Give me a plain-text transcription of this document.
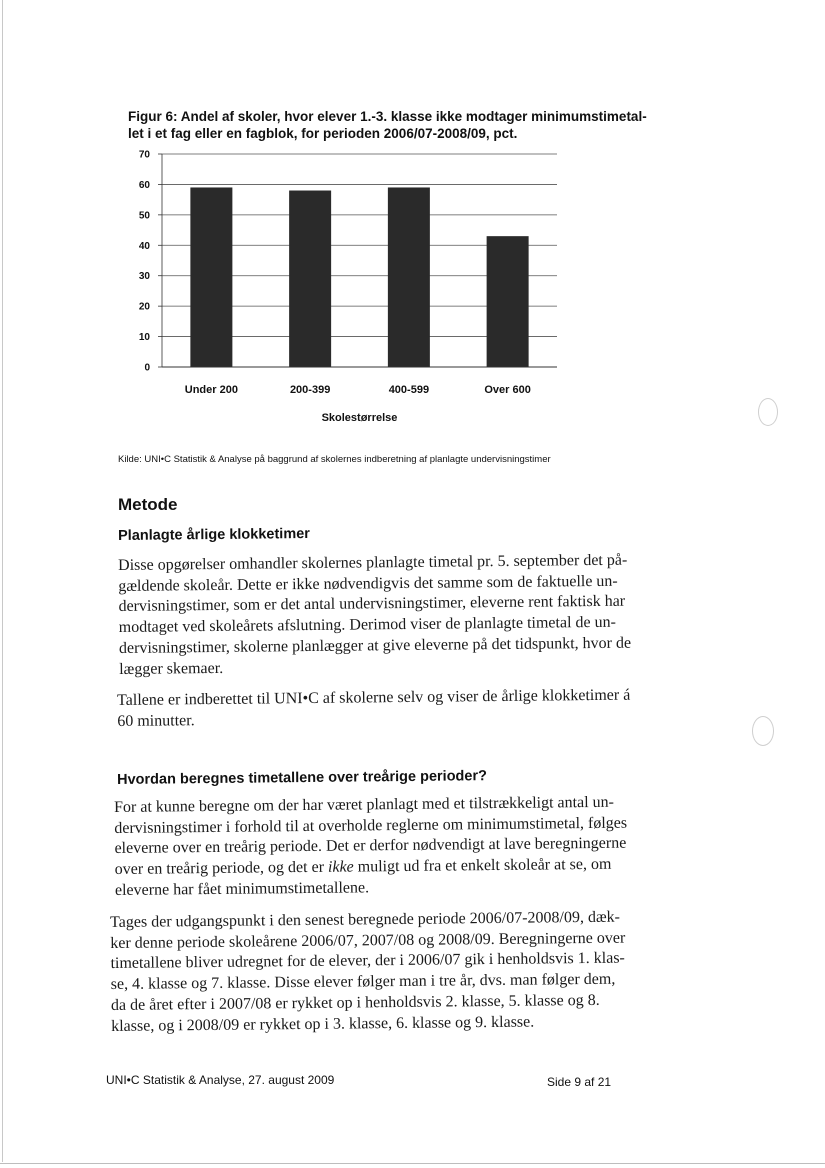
Figur 6: Andel af skoler, hvor elever 1.-3. klasse ikke modtager minimumstimetal-
let i et fag eller en fagblok, for perioden 2006/07-2008/09, pct.
0
10
20
30
40
50
60
70
Under 200	200-399	400-599	Over 600
Skolestørrelse
Kilde: UNI•C Statistik & Analyse på baggrund af skolernes indberetning af planlagte undervisningstimer
Metode
Planlagte årlige klokketimer
Disse opgørelser omhandler skolernes planlagte timetal pr. 5. september det på-
gældende skoleår. Dette er ikke nødvendigvis det samme som de faktuelle un-
dervisningstimer, som er det antal undervisningstimer, eleverne rent faktisk har
modtaget ved skoleårets afslutning. Derimod viser de planlagte timetal de un-
dervisningstimer, skolerne planlægger at give eleverne på det tidspunkt, hvor de
lægger skemaer.
Tallene er indberettet til UNI•C af skolerne selv og viser de årlige klokketimer á
60 minutter.
Hvordan beregnes timetallene over treårige perioder?
For at kunne beregne om der har været planlagt med et tilstrækkeligt antal un-
dervisningstimer i forhold til at overholde reglerne om minimumstimetal, følges
eleverne over en treårig periode. Det er derfor nødvendigt at lave beregningerne
over en treårig periode, og det er ikke muligt ud fra et enkelt skoleår at se, om
eleverne har fået minimumstimetallene.
Tages der udgangspunkt i den senest beregnede periode 2006/07-2008/09, dæk-
ker denne periode skoleårene 2006/07, 2007/08 og 2008/09. Beregningerne over
timetallene bliver udregnet for de elever, der i 2006/07 gik i henholdsvis 1. klas-
se, 4. klasse og 7. klasse. Disse elever følger man i tre år, dvs. man følger dem,
da de året efter i 2007/08 er rykket op i henholdsvis 2. klasse, 5. klasse og 8.
klasse, og i 2008/09 er rykket op i 3. klasse, 6. klasse og 9. klasse.
UNI•C Statistik & Analyse, 27. august 2009	Side 9 af 21
